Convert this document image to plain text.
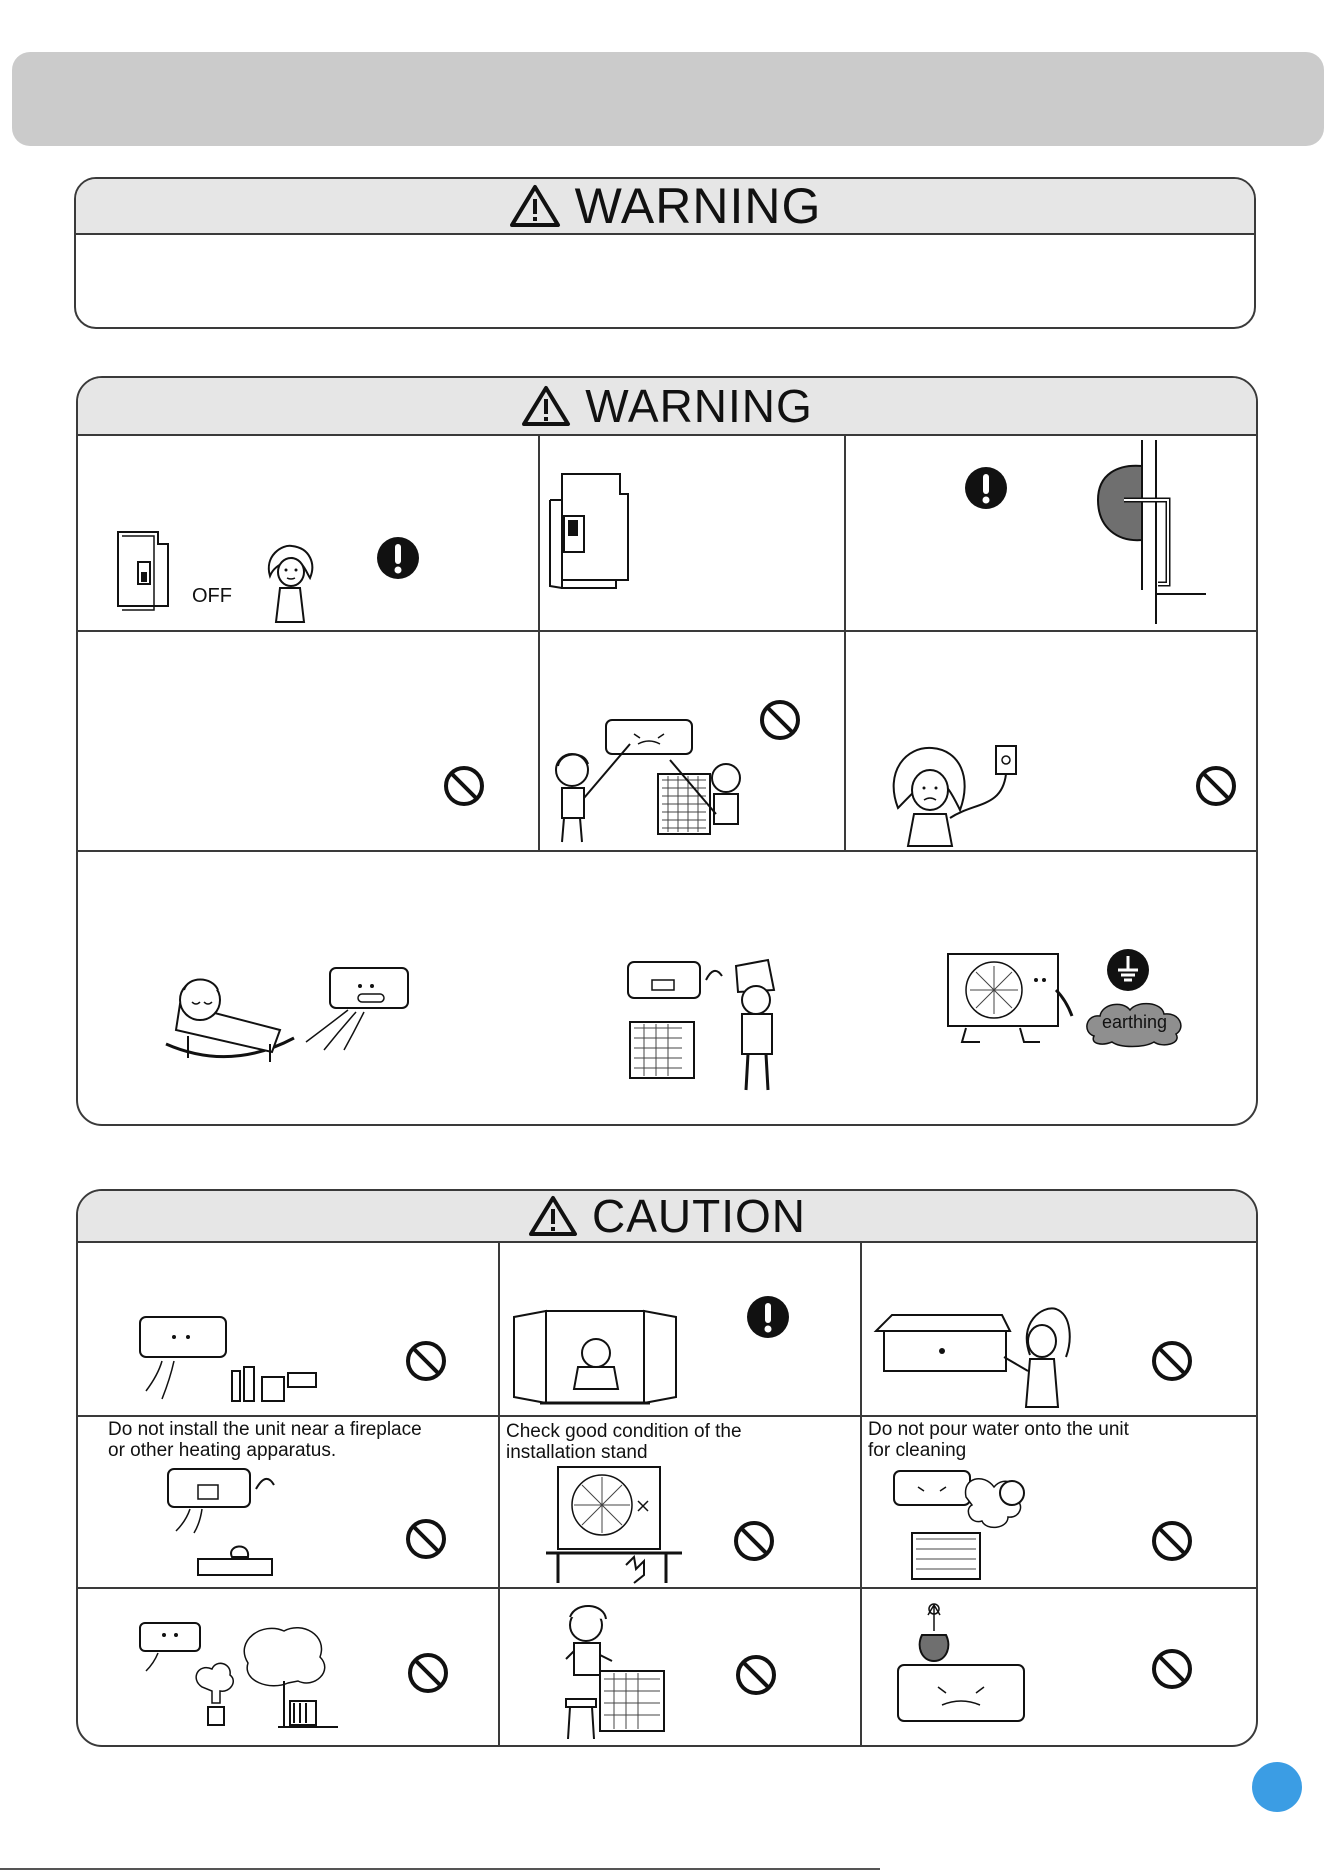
WARNING
WARNING
OFF
earthing
CAUTION
Do not install the unit near a fireplace
or other heating apparatus.
Check good condition of the
installation stand
Do not pour water onto the unit
for cleaning
